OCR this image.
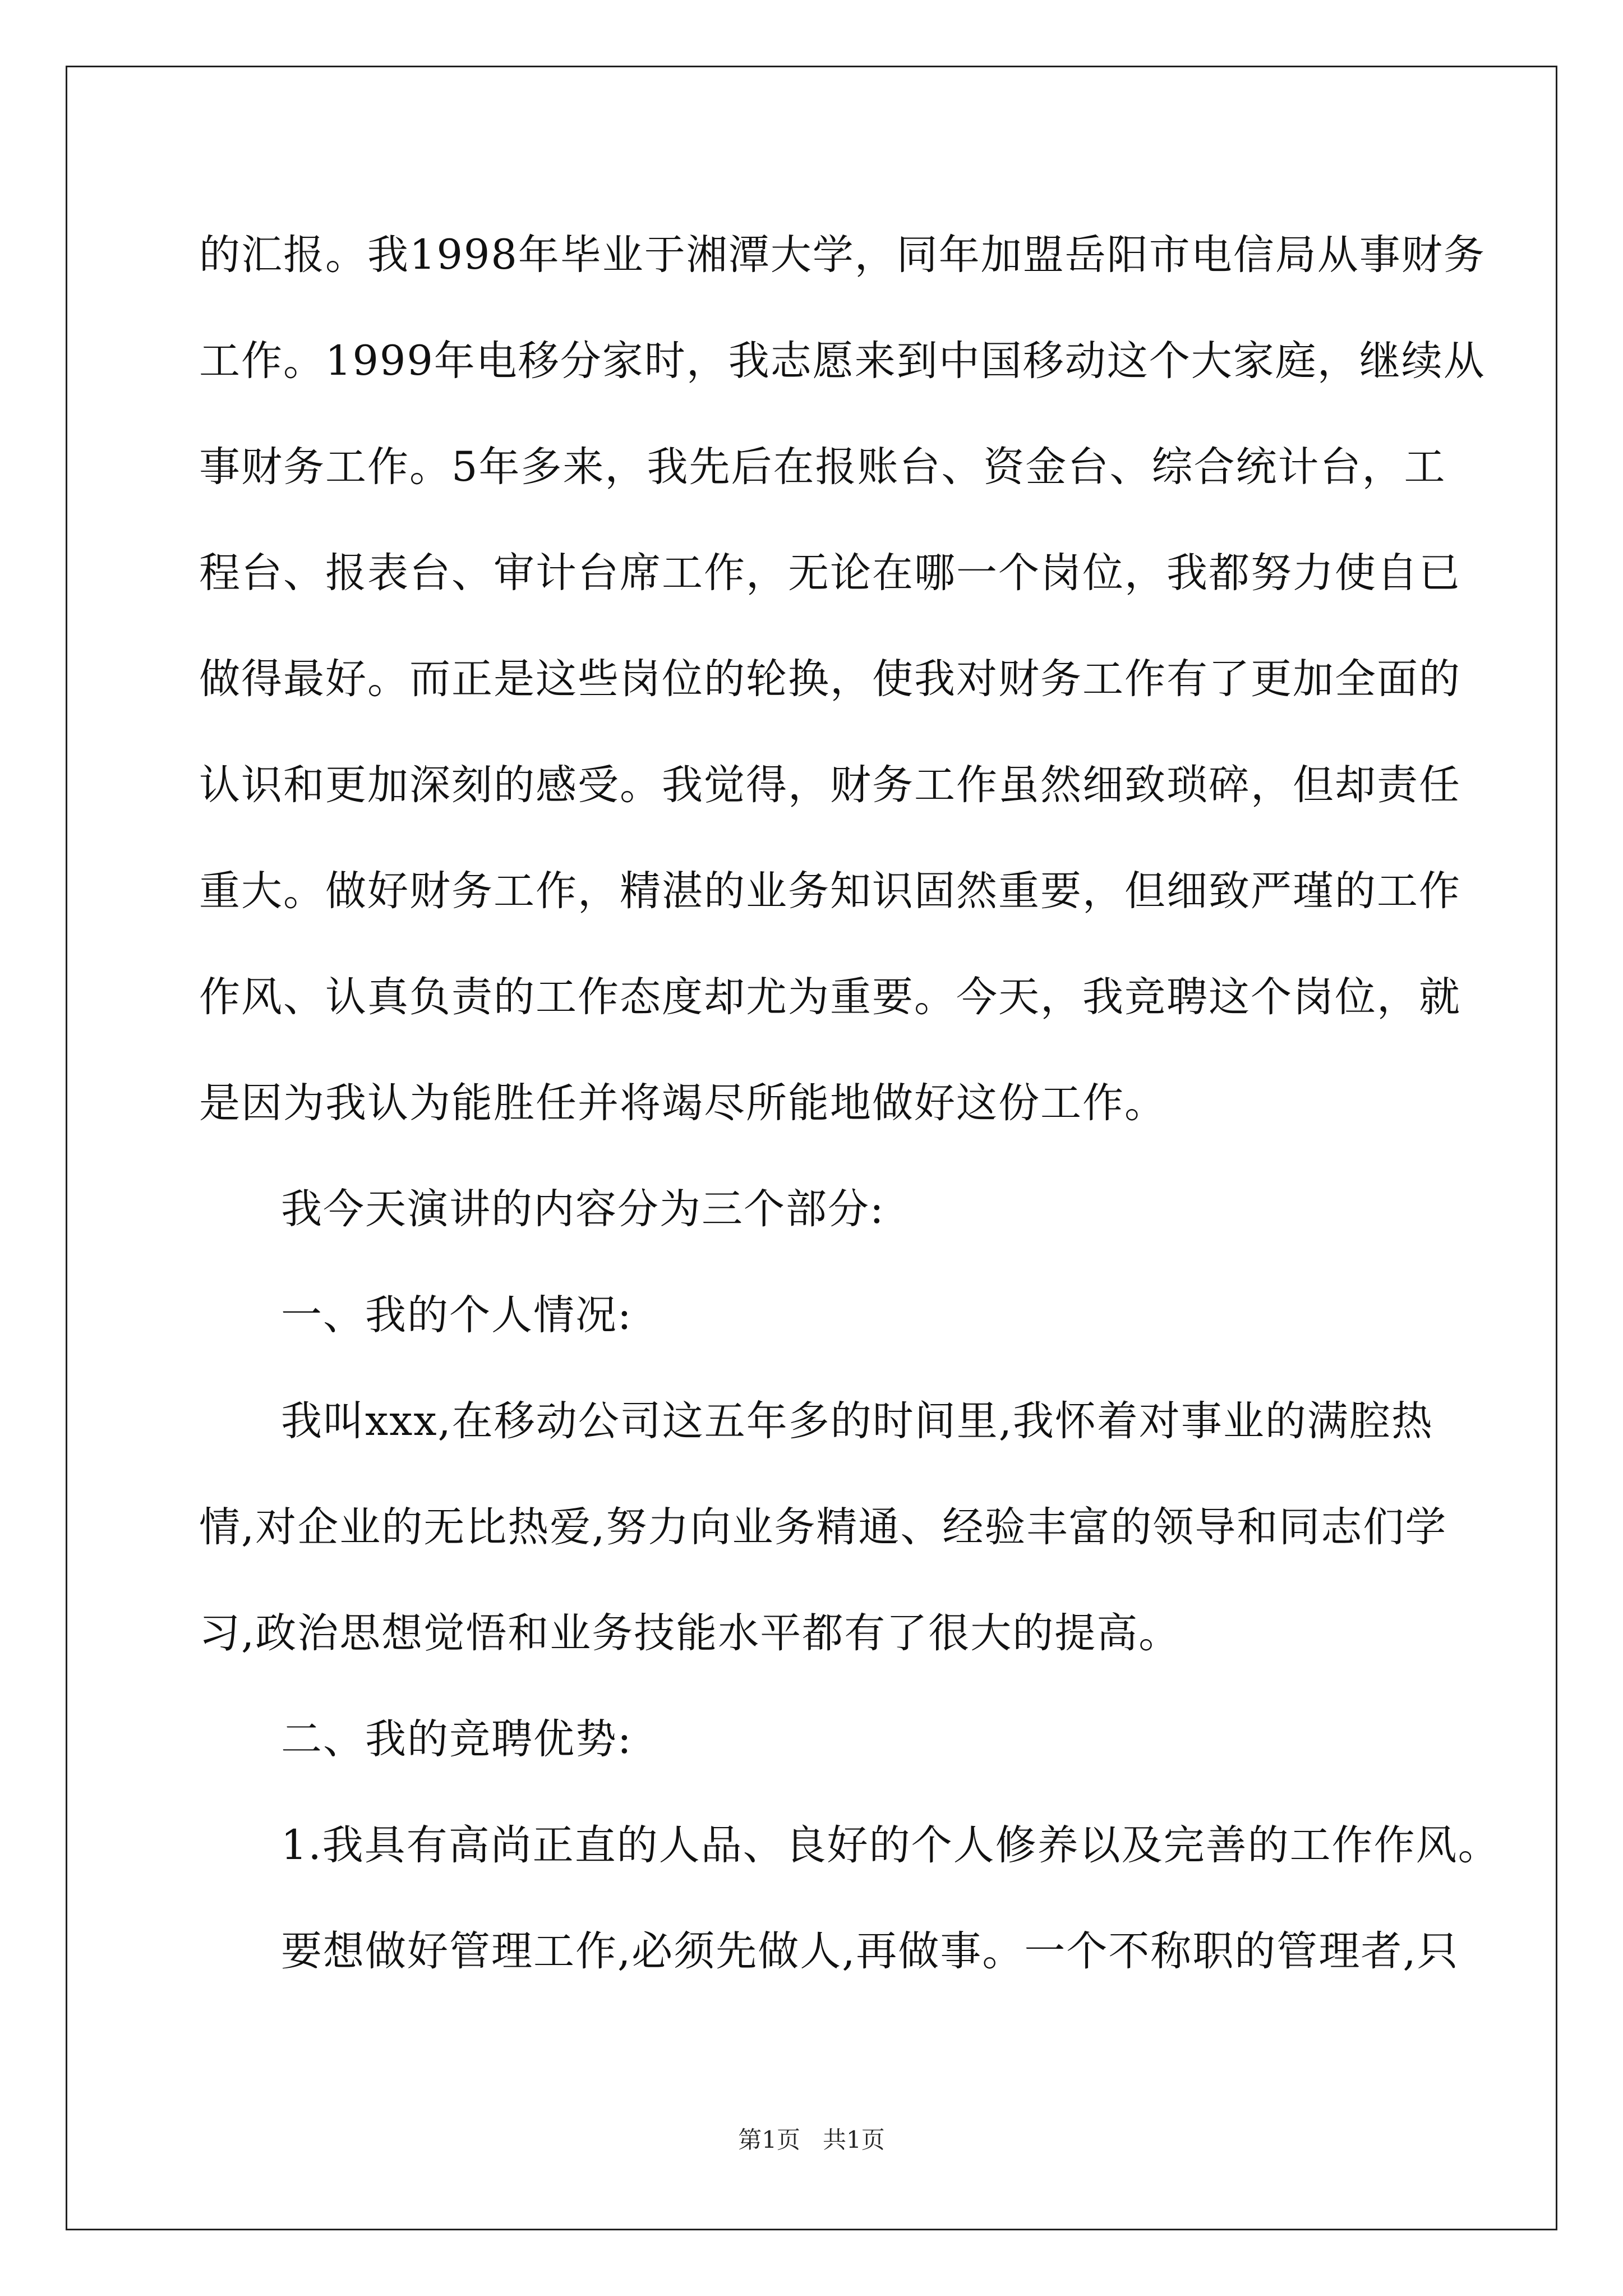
的汇报。我1998年毕业于湘潭大学，同年加盟岳阳市电信局从事财务
工作。1999年电移分家时，我志愿来到中国移动这个大家庭，继续从
事财务工作。5年多来，我先后在报账台、资金台、综合统计台，工
程台、报表台、审计台席工作，无论在哪一个岗位，我都努力使自已
做得最好。而正是这些岗位的轮换，使我对财务工作有了更加全面的
认识和更加深刻的感受。我觉得，财务工作虽然细致琐碎，但却责任
重大。做好财务工作，精湛的业务知识固然重要，但细致严瑾的工作
作风、认真负责的工作态度却尤为重要。今天，我竞聘这个岗位，就
是因为我认为能胜任并将竭尽所能地做好这份工作。
我今天演讲的内容分为三个部分:
一、我的个人情况:
我叫xxx,在移动公司这五年多的时间里,我怀着对事业的满腔热
情,对企业的无比热爱,努力向业务精通、经验丰富的领导和同志们学
习,政治思想觉悟和业务技能水平都有了很大的提高。
二、我的竞聘优势:
1.我具有高尚正直的人品、良好的个人修养以及完善的工作作风。
要想做好管理工作,必须先做人,再做事。一个不称职的管理者,只
第1页   共1页
